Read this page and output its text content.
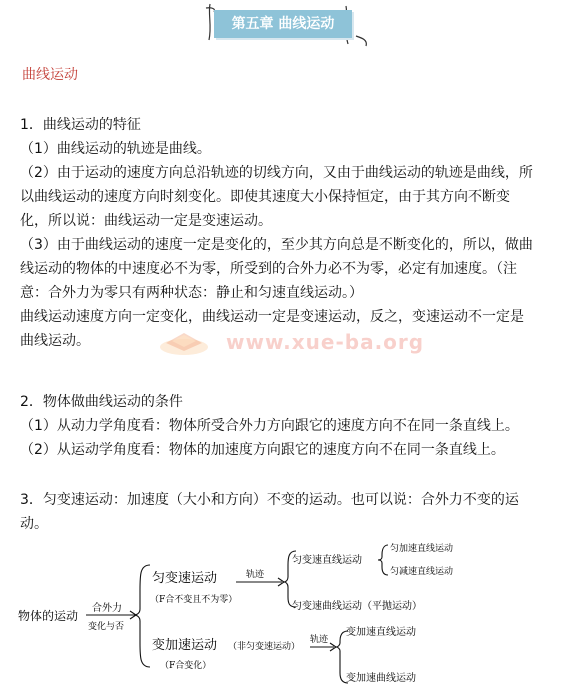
第五章 曲线运动
曲线运动

1．曲线运动的特征

（1）曲线运动的轨迹是曲线。

（2）由于运动的速度方向总沿轨迹的切线方向，又由于曲线运动的轨迹是曲线，所

以曲线运动的速度方向时刻变化。即使其速度大小保持恒定，由于其方向不断变

化，所以说：曲线运动一定是变速运动。

（3）由于曲线运动的速度一定是变化的，至少其方向总是不断变化的，所以，做曲

线运动的物体的中速度必不为零，所受到的合外力必不为零，必定有加速度。（注

意：合外力为零只有两种状态：静止和匀速直线运动。）

曲线运动速度方向一定变化，曲线运动一定是变速运动，反之，变速运动不一定是

曲线运动。	www.xue-ba.org

2．物体做曲线运动的条件

（1）从动力学角度看：物体所受合外力方向跟它的速度方向不在同一条直线上。

（2）从运动学角度看：物体的加速度方向跟它的速度方向不在同一条直线上。

3．匀变速运动：加速度（大小和方向）不变的运动。也可以说：合外力不变的运

动。

物体的运动
合外力
变化与否
匀变速运动
（F合不变且不为零）
轨迹
匀变速直线运动
匀变速曲线运动（平抛运动）
匀加速直线运动
匀减速直线运动
变加速运动 （非匀变速运动）
（F合变化）
轨迹
变加速直线运动
变加速曲线运动
